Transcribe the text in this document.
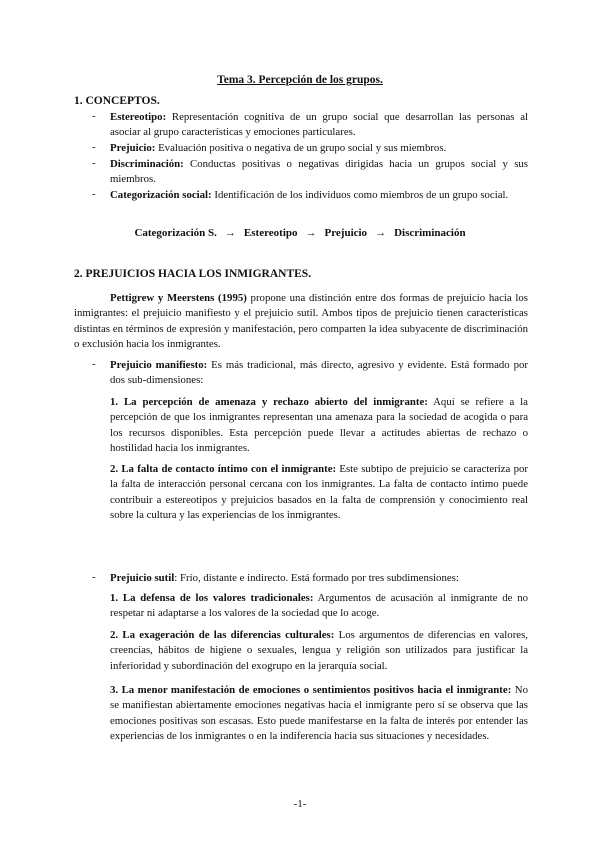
Tema 3. Percepción de los grupos.
1. CONCEPTOS.
- Estereotipo: Representación cognitiva de un grupo social que desarrollan las personas al asociar al grupo características y emociones particulares.
- Prejuicio: Evaluación positiva o negativa de un grupo social y sus miembros.
- Discriminación: Conductas positivas o negativas dirigidas hacia un grupos social y sus miembros.
- Categorización social: Identificación de los individuos como miembros de un grupo social.
Categorización S. → Estereotipo → Prejuicio → Discriminación
2. PREJUICIOS HACIA LOS INMIGRANTES.
Pettigrew y Meerstens (1995) propone una distinción entre dos formas de prejuicio hacia los inmigrantes: el prejuicio manifiesto y el prejuicio sutil. Ambos tipos de prejuicio tienen características distintas en términos de expresión y manifestación, pero comparten la idea subyacente de discriminación o exclusión hacia los inmigrantes.
- Prejuicio manifiesto: Es más tradicional, más directo, agresivo y evidente. Está formado por dos sub-dimensiones:
1. La percepción de amenaza y rechazo abierto del inmigrante: Aquí se refiere a la percepción de que los inmigrantes representan una amenaza para la sociedad de acogida o para los recursos disponibles. Esta percepción puede llevar a actitudes abiertas de rechazo o hostilidad hacia los inmigrantes.
2. La falta de contacto íntimo con el inmigrante: Este subtipo de prejuicio se caracteriza por la falta de interacción personal cercana con los inmigrantes. La falta de contacto íntimo puede contribuir a estereotipos y prejuicios basados en la falta de comprensión y conocimiento real sobre la cultura y las experiencias de los inmigrantes.
- Prejuicio sutil: Frío, distante e indirecto. Está formado por tres subdimensiones:
1. La defensa de los valores tradicionales: Argumentos de acusación al inmigrante de no respetar ni adaptarse a los valores de la sociedad que lo acoge.
2. La exageración de las diferencias culturales: Los argumentos de diferencias en valores, creencias, hábitos de higiene o sexuales, lengua y religión son utilizados para justificar la inferioridad y subordinación del exogrupo en la jerarquía social.
3. La menor manifestación de emociones o sentimientos positivos hacia el inmigrante: No se manifiestan abiertamente emociones negativas hacia el inmigrante pero sí se observa que las emociones positivas son escasas. Esto puede manifestarse en la falta de interés por entender las experiencias de los inmigrantes o en la indiferencia hacia sus situaciones y necesidades.
-1-
